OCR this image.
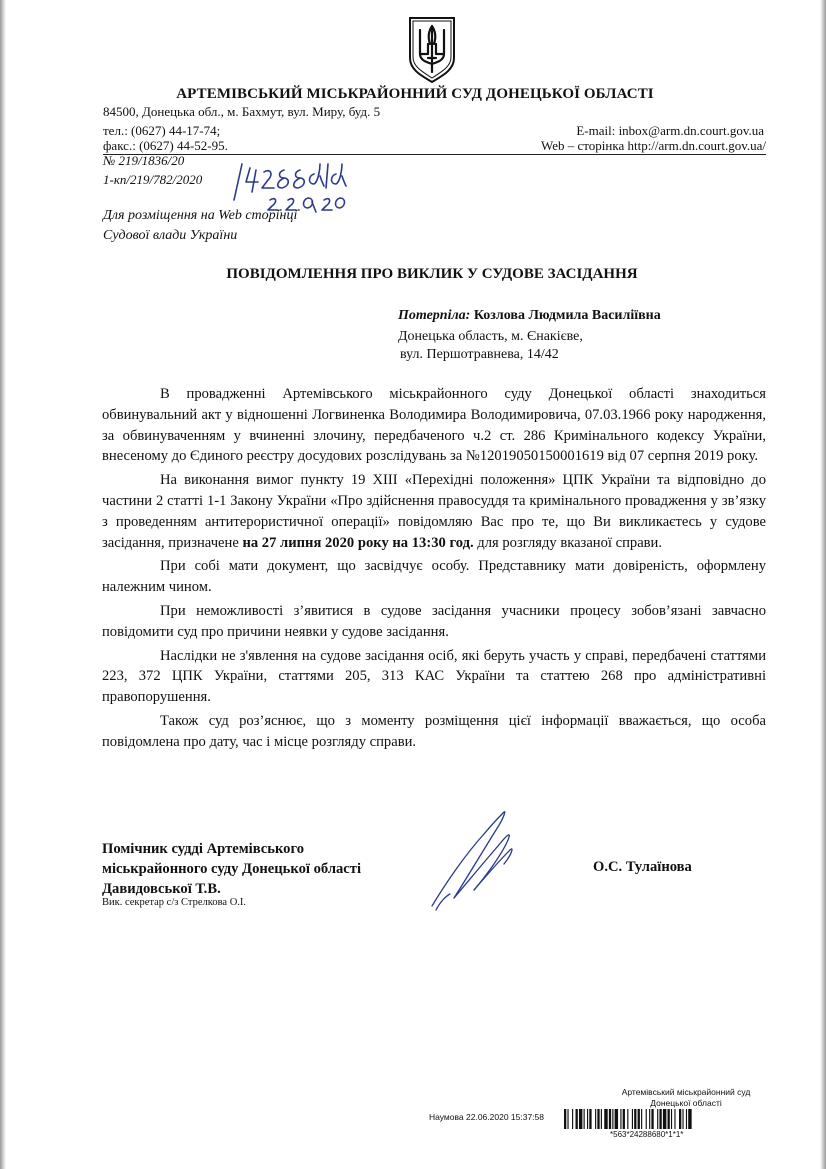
АРТЕМІВСЬКИЙ МІСЬКРАЙОННИЙ СУД ДОНЕЦЬКОЇ ОБЛАСТІ
84500, Донецька обл., м. Бахмут, вул. Миру, буд. 5
тел.: (0627) 44-17-74;
факс.: (0627) 44-52-95.
E-mail: inbox@arm.dn.court.gov.ua
Web – сторінка http://arm.dn.court.gov.ua/
№ 219/1836/20
1-кп/219/782/2020
Для розміщення на Web сторінці
Судової влади України
ПОВІДОМЛЕННЯ ПРО ВИКЛИК У СУДОВЕ ЗАСІДАННЯ
Потерпіла: Козлова Людмила Василіївна
Донецька область, м. Єнакієве,
вул. Першотравнева, 14/42

В провадженні Артемівського міськрайонного суду Донецької області знаходиться обвинувальний акт у відношенні Логвиненка Володимира Володимировича, 07.03.1966 року народження, за обвинуваченням у вчиненні злочину, передбаченого ч.2 ст. 286 Кримінального кодексу України, внесеному до Єдиного реєстру досудових розслідувань за №12019050150001619 від 07 серпня 2019 року.

На виконання вимог пункту 19 XIII «Перехідні положення» ЦПК України та відповідно до частини 2 статті 1-1 Закону України «Про здійснення правосуддя та кримінального провадження у зв’язку з проведенням антитерористичної операції» повідомляю Вас про те, що Ви викликаєтесь у судове засідання, призначене на 27 липня 2020 року на 13:30 год. для розгляду вказаної справи.

При собі мати документ, що засвідчує особу. Представнику мати довіреність, оформлену належним чином.

При неможливості з’явитися в судове засідання учасники процесу зобов’язані завчасно повідомити суд про причини неявки у судове засідання.

Наслідки не з'явлення на судове засідання осіб, які беруть участь у справі, передбачені статтями 223, 372 ЦПК України, статтями 205, 313 КАС України та статтею 268 про адміністративні правопорушення.

Також суд роз’яснює, що з моменту розміщення цієї інформації вважається, що особа повідомлена про дату, час і місце розгляду справи.

Помічник судді Артемівського
міськрайонного суду Донецької області
Давидовської Т.В.
Вик. секретар с/з Стрелкова О.І.
О.С. Тулаїнова
Артемівський міськрайонний суд
Донецької області
Наумова 22.06.2020 15:37:58
*563*24288680*1*1*
